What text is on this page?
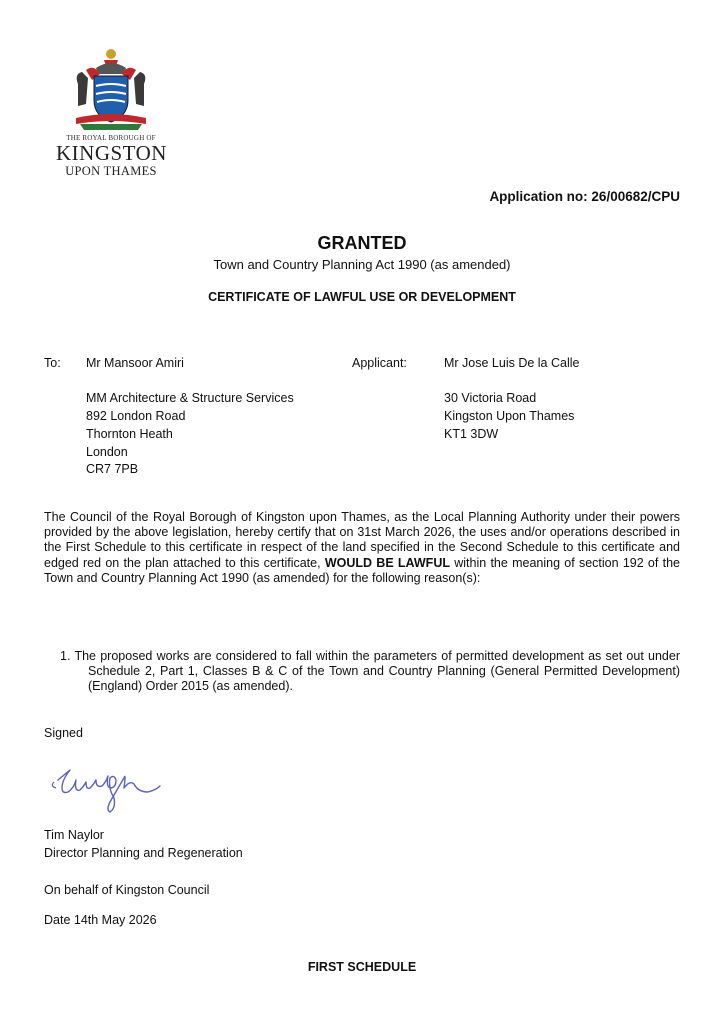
THE ROYAL BOROUGH OF
KINGSTON
UPON THAMES
Application no: 26/00682/CPU
GRANTED
Town and Country Planning Act 1990 (as amended)
CERTIFICATE OF LAWFUL USE OR DEVELOPMENT
To: Mr Mansoor Amiri
MM Architecture & Structure Services
892 London Road
Thornton Heath
London
CR7 7PB
Applicant:	Mr Jose Luis De la Calle
30 Victoria Road
Kingston Upon Thames
KT1 3DW
The Council of the Royal Borough of Kingston upon Thames, as the Local Planning Authority under their powers provided by the above legislation, hereby certify that on 31st March 2026, the uses and/or operations described in the First Schedule to this certificate in respect of the land specified in the Second Schedule to this certificate and edged red on the plan attached to this certificate, WOULD BE LAWFUL within the meaning of section 192 of the Town and Country Planning Act 1990 (as amended) for the following reason(s):
1. The proposed works are considered to fall within the parameters of permitted development as set out under Schedule 2, Part 1, Classes B & C of the Town and Country Planning (General Permitted Development) (England) Order 2015 (as amended).
Signed
Tim Naylor
Director Planning and Regeneration
On behalf of Kingston Council
Date 14th May 2026
FIRST SCHEDULE
